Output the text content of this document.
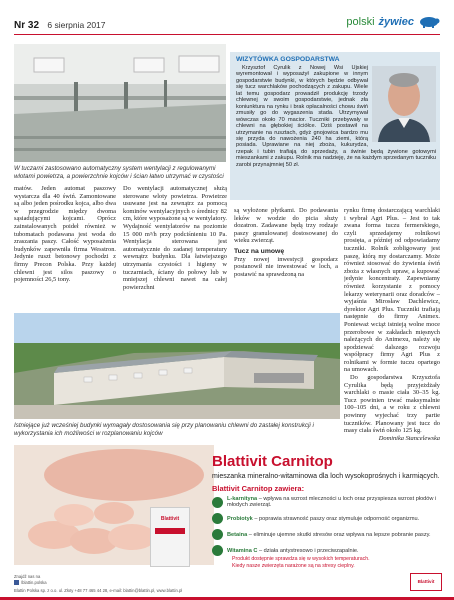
Nr 32 6 sierpnia 2017	polski żywiec
W tuczarni zastosowano automatyczny system wentylacji z regulowanymi wlotami powietrza, a powierzchnie kojców i ścian łatwo utrzymać w czystości
WIZYTÓWKA GOSPODARSTWA
Krzysztof Cyrulik z Nowej Wsi Ujskiej wyremontował i wyposażył zakupione w innym gospodarstwie budynki, w których będzie odbywał się tucz warchlaków pochodzących z zakupu. Wiele lat temu gospodarz prowadził produkcję trzody chlewnej w swoim gospodarstwie, jednak zła koniunktura na rynku i brak opłacalności chowu świń zmusiły go do wygaszenia stada. Utrzymywał wówczas około 70 macior. Tuczniki przebywały w chlewni na głębokiej ściółce. Dziś postawił na utrzymanie na rusztach, gdyż gnojowica bardzo mu się przyda do nawożenia 240 ha ziemi, którą posiada. Uprawiane na niej zboża, kukurydza, rzepak i tubin trafiają do sprzedaży, a świnie będą żywione gotowymi mieszankami z zakupu. Rolnik ma nadzieję, że na każdym sprzedanym tuczniku zarobi przynajmniej 50 zł.

matów. Jeden automat paszowy wystarcza dla 40 świń. Zamontowane są albo jeden pośrodku kojca, albo dwa w przegrodzie między dwoma sąsiadującymi kojcami. Oprócz zainstalowanych poideł również w tubomatach podawana jest woda do zraszania paszy. Całość wyposażenia budynków zapewniła firma Wesstron. Jedynie ruszt betonowy pochodzi z firmy Precon Polska. Przy każdej chlewni jest silos paszowy o pojemności 26,5 tony.

Do wentylacji automatycznej służą sterowane wloty powietrza. Powietrze usuwane jest na zewnątrz za pomocą kominów wentylacyjnych o średnicy 82 cm, które wyposażone są w wentylatory. Wydajność wentylatorów na poziomie 15 000 m³/h przy podciśnieniu 10 Pa. Wentylacja sterowana jest automatycznie do zadanej temperatury wewnątrz budynku. Dla łatwiejszego utrzymania czystości i higieny w tuczarniach, ściany do połowy lub w mniejszej chlewni nawet na całej powierzchni

są wyłożone płytkami. Do podawania leków w wodzie do picia służy dozatron. Zadawane będą trzy rodzaje paszy granulowanej dostosowanej do wieku zwierząt.

Tucz na umowę

Przy nowej inwestycji gospodarz postanowił nie inwestować w loch, a postawić na sprawdzoną na

rynku firmę dostarczającą warchlaki i wybrał Agri Plus. – Jest to tak zwana forma tuczu fermerskiego, czyli sprzedajemy rolnikowi prosięta, a później od odpowiadamy tuczniki. Rolnik zobligowany jest paszę, którą my dostarczamy. Może również stosować do żywienia świń zboża z własnych upraw, a kupować jedynie koncentraty. Zapewniamy również korzystanie z pomocy lekarzy weterynarii oraz doradców – wyjaśnia Mirosław Dachlewicz, dyrektor Agri Plus. Tuczniki trafiają następnie do firmy Animex. Ponieważ wciąż istnieją wolne moce przerobowe w zakładach mięsnych należących do Animexu, należy się spodziewać dalszego rozwoju współpracy firmy Agri Plus z rolnikami w formie tuczu opartego na umowach.

Do gospodarstwa Krzysztofa Cyrulika będą przyjeżdżały warchlaki o masie ciała 30–35 kg. Tucz powinien trwać maksymalnie 100–105 dni, a w roku z chlewni powinny wyjechać trzy partie tuczników. Planowany jest tucz do masy ciała świń około 125 kg.

Dominika Stancelewska

Istniejące już wcześniej budynki wymagały dostosowania się przy planowaniu chlewni do zastałej konstrukcji i wykorzystania ich możliwości w rozplanowaniu kojców
Blattivit
Blattivit Carnitop
mieszanka mineralno-witaminowa dla loch wysokoprośnych i karmiących.
Blattivit Carnitop zawiera:
L-karnityna – wpływa na wzrost mleczności u loch oraz przyspiesza wzrost płodów i młodych zwierząt.
Probiotyk – poprawia strawność paszy oraz stymuluje odporność organizmu.
Betaina – eliminuje ujemne skutki stresów oraz wpływa na lepsze pobranie paszy.
Witamina C – działa antystresowo i przeciwzapalnie.
Produkt dostępnie sprawdza się w wysokich temperaturach.
Kiedy nasze zwierzęta narażone są na stresy cieplny.
Blattivit
Znajdź nas na
/blattin.polska
Blattin Polska sp. z o.o. ul. Złoty +48 77 465 44 28, e-mail: blattin@blattin.pl, www.blattin.pl
